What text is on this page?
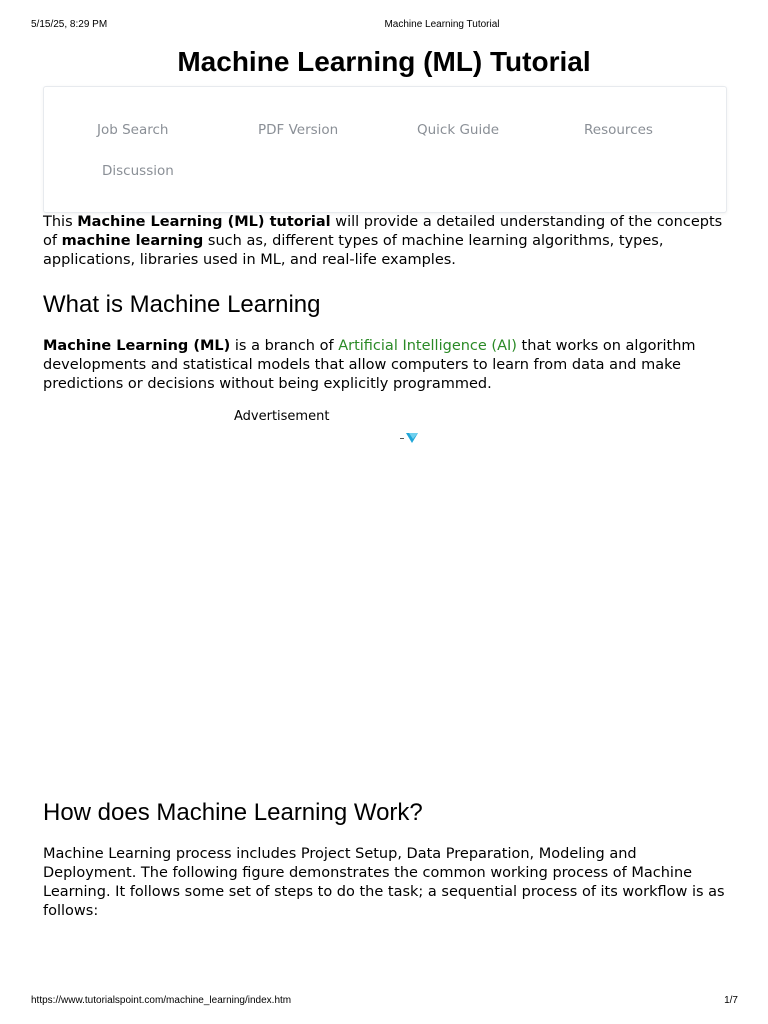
5/15/25, 8:29 PM	Machine Learning Tutorial
Machine Learning (ML) Tutorial
Job Search	PDF Version	Quick Guide	Resources
Discussion

This Machine Learning (ML) tutorial will provide a detailed understanding of the concepts of machine learning such as, different types of machine learning algorithms, types, applications, libraries used in ML, and real-life examples.

What is Machine Learning

Machine Learning (ML) is a branch of Artificial Intelligence (AI) that works on algorithm developments and statistical models that allow computers to learn from data and make predictions or decisions without being explicitly programmed.

Advertisement
How does Machine Learning Work?

Machine Learning process includes Project Setup, Data Preparation, Modeling and Deployment. The following figure demonstrates the common working process of Machine Learning. It follows some set of steps to do the task; a sequential process of its workflow is as follows:

https://www.tutorialspoint.com/machine_learning/index.htm	1/7
